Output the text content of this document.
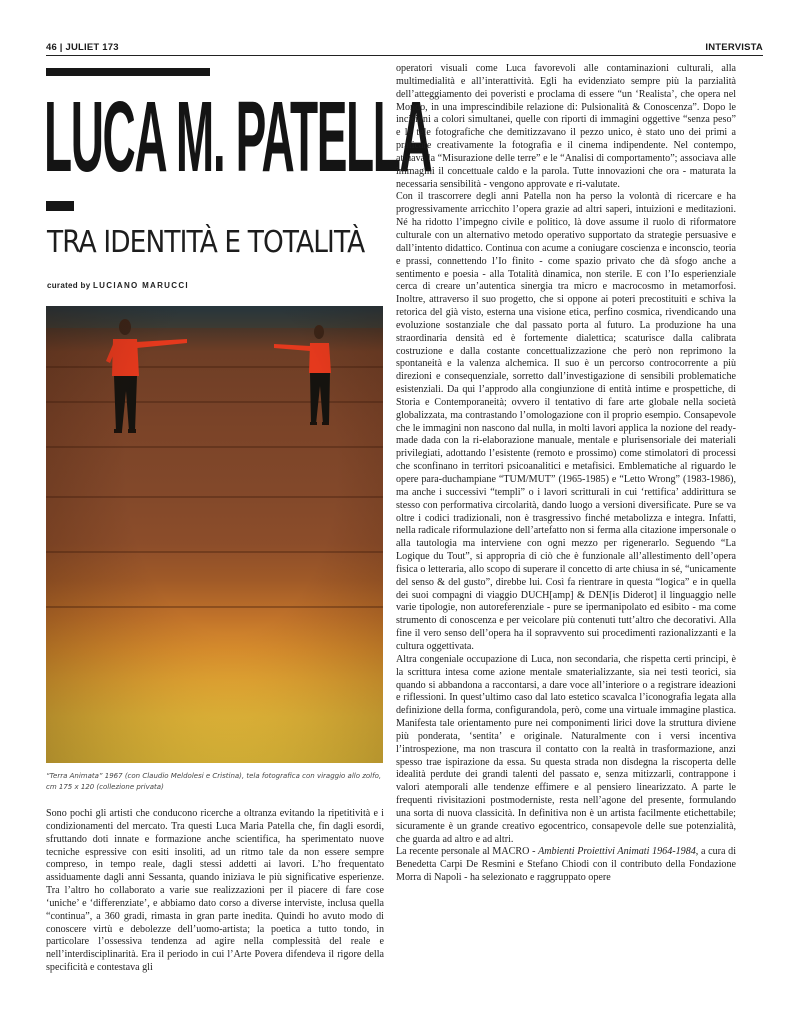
46 | JULIET 173	INTERVISTA
LUCA M. PATELLA
TRA IDENTITÀ E TOTALITÀ
curated by LUCIANO MARUCCI
“Terra Animata” 1967 (con Claudio Meldolesi e Cristina), tela fotografica con viraggio allo zolfo, cm 175 x 120 (collezione privata)

Sono pochi gli artisti che conducono ricerche a oltranza evitando la ripetitività e i condizionamenti del mercato. Tra questi Luca Maria Patella che, fin dagli esordi, sfruttando doti innate e formazione anche scientifica, ha sperimentato nuove tecniche espressive con esiti insoliti, ad un ritmo tale da non essere sempre compreso, in tempo reale, dagli stessi addetti ai lavori. L’ho frequentato assiduamente dagli anni Sessanta, quando iniziava le più significative esperienze. Tra l’altro ho collaborato a varie sue realizzazioni per il piacere di fare cose ‘uniche’ e ‘differenziate’, e abbiamo dato corso a diverse interviste, inclusa quella “continua”, a 360 gradi, rimasta in gran parte inedita. Quindi ho avuto modo di conoscere virtù e debolezze dell’uomo-artista; la poetica a tutto tondo, in particolare l’ossessiva tendenza ad agire nella complessità del reale e nell’interdisciplinarità. Era il periodo in cui l’Arte Povera difendeva il rigore della specificità e contestava gli

operatori visuali come Luca favorevoli alle contaminazioni culturali, alla multimedialità e all’interattività. Egli ha evidenziato sempre più la parzialità dell’atteggiamento dei poveristi e proclama di essere “un ‘Realista’, che opera nel Mondo, in una imprescindibile relazione di: Pulsionalità & Conoscenza”. Dopo le incisioni a colori simultanei, quelle con riporti di immagini oggettive “senza peso” e le tele fotografiche che demitizzavano il pezzo unico, è stato uno dei primi a praticare creativamente la fotografia e il cinema indipendente. Nel contempo, attuava la “Misurazione delle terre” e le “Analisi di comportamento”; associava alle immagini il concettuale caldo e la parola. Tutte innovazioni che ora - maturata la necessaria sensibilità - vengono approvate e ri-valutate.

Con il trascorrere degli anni Patella non ha perso la volontà di ricercare e ha progressivamente arricchito l’opera grazie ad altri saperi, intuizioni e meditazioni. Né ha ridotto l’impegno civile e politico, là dove assume il ruolo di riformatore culturale con un alternativo metodo operativo supportato da strategie persuasive e dall’intento didattico. Continua con acume a coniugare coscienza e inconscio, teoria e prassi, connettendo l’Io finito - come spazio privato che dà sfogo anche a sentimento e poesia - alla Totalità dinamica, non sterile. E con l’Io esperienziale cerca di creare un’autentica sinergia tra micro e macrocosmo in metamorfosi. Inoltre, attraverso il suo progetto, che si oppone ai poteri precostituiti e schiva la retorica del già visto, esterna una visione etica, perfino cosmica, rivendicando una evoluzione sostanziale che dal passato porta al futuro. La produzione ha una straordinaria densità ed è fortemente dialettica; scaturisce dalla calibrata costruzione e dalla costante concettualizzazione che però non reprimono la spontaneità e la valenza alchemica. Il suo è un percorso controcorrente a più direzioni e consequenziale, sorretto dall’investigazione di sensibili problematiche esistenziali. Da qui l’approdo alla congiunzione di entità intime e prospettiche, di Storia e Contemporaneità; ovvero il tentativo di fare arte globale nella società globalizzata, ma contrastando l’omologazione con il proprio esempio. Consapevole che le immagini non nascono dal nulla, in molti lavori applica la nozione del ready-made dada con la ri-elaborazione manuale, mentale e plurisensoriale dei materiali privilegiati, adottando l’esistente (remoto e prossimo) come stimolatori di processi che sconfinano in territori psicoanalitici e metafisici. Emblematiche al riguardo le opere para-duchampiane “TUM/MUT” (1965-1985) e “Letto Wrong” (1983-1986), ma anche i successivi “templi” o i lavori scritturali in cui ‘rettifica’ addirittura se stesso con performativa circolarità, dando luogo a versioni diversificate. Pure se va oltre i codici tradizionali, non è trasgressivo finché metabolizza e integra. Infatti, nella radicale riformulazione dell’artefatto non si ferma alla citazione impersonale o alla tautologia ma interviene con ogni mezzo per rigenerarlo. Seguendo “La Logique du Tout”, si appropria di ciò che è funzionale all’allestimento dell’opera fisica o letteraria, allo scopo di superare il concetto di arte chiusa in sé, “unicamente del senso & del gusto”, direbbe lui. Così fa rientrare in questa “logica” e in quella dei suoi compagni di viaggio DUCH[amp] & DEN[is Diderot] il linguaggio nelle varie tipologie, non autoreferenziale - pure se ipermanipolato ed esibito - ma come strumento di conoscenza e per veicolare più contenuti tutt’altro che decorativi. Alla fine il vero senso dell’opera ha il sopravvento sui procedimenti razionalizzanti e la cultura oggettivata.

Altra congeniale occupazione di Luca, non secondaria, che rispetta certi principi, è la scrittura intesa come azione mentale smaterializzante, sia nei testi teorici, sia quando si abbandona a raccontarsi, a dare voce all’interiore o a registrare ideazioni e riflessioni. In quest’ultimo caso dal lato estetico scavalca l’iconografia legata alla definizione della forma, configurandola, però, come una virtuale immagine plastica. Manifesta tale orientamento pure nei componimenti lirici dove la struttura diviene più ponderata, ‘sentita’ e originale. Naturalmente con i versi incentiva l’introspezione, ma non trascura il contatto con la realtà in trasformazione, anzi spesso trae ispirazione da essa. Su questa strada non disdegna la riscoperta delle idealità perdute dei grandi talenti del passato e, senza mitizzarli, contrappone i valori atemporali alle tendenze effimere e al pensiero linearizzato. A parte le frequenti rivisitazioni postmoderniste, resta nell’agone del presente, formulando una sorta di nuova classicità. In definitiva non è un artista facilmente etichettabile; sicuramente è un grande creativo egocentrico, consapevole delle sue potenzialità, che guarda ad altro e ad altri.

La recente personale al MACRO - Ambienti Proiettivi Animati 1964-1984, a cura di Benedetta Carpi De Resmini e Stefano Chiodi con il contributo della Fondazione Morra di Napoli - ha selezionato e raggruppato opere
